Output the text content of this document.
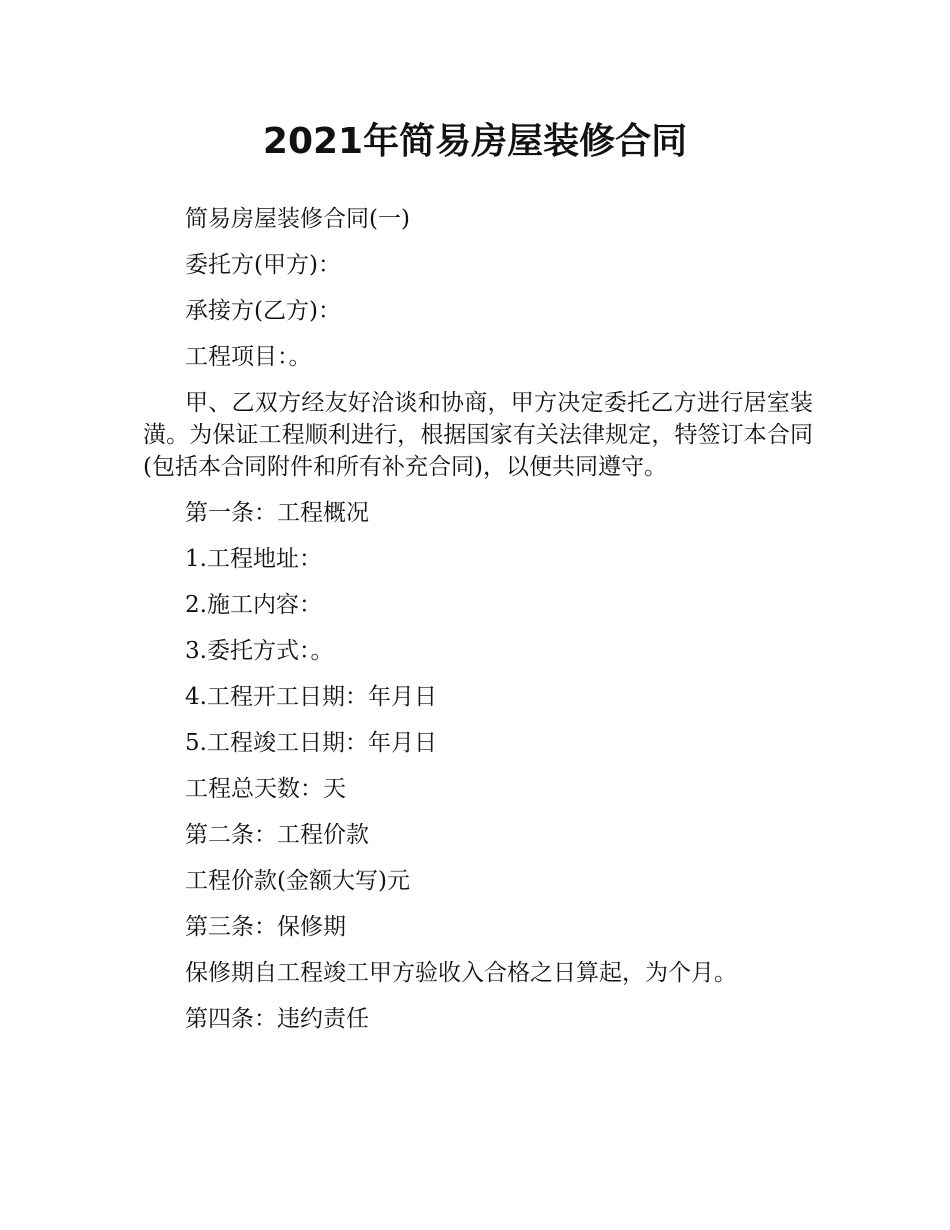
2021年简易房屋装修合同

简易房屋装修合同(一)

委托方(甲方)：

承接方(乙方)：

工程项目：。

甲、乙双方经友好洽谈和协商，甲方决定委托乙方进行居室装潢。为保证工程顺利进行，根据国家有关法律规定，特签订本合同(包括本合同附件和所有补充合同)，以便共同遵守。

第一条：工程概况

1.工程地址：

2.施工内容：

3.委托方式：。

4.工程开工日期：年月日

5.工程竣工日期：年月日

工程总天数：天

第二条：工程价款

工程价款(金额大写)元

第三条：保修期

保修期自工程竣工甲方验收入合格之日算起，为个月。

第四条：违约责任
